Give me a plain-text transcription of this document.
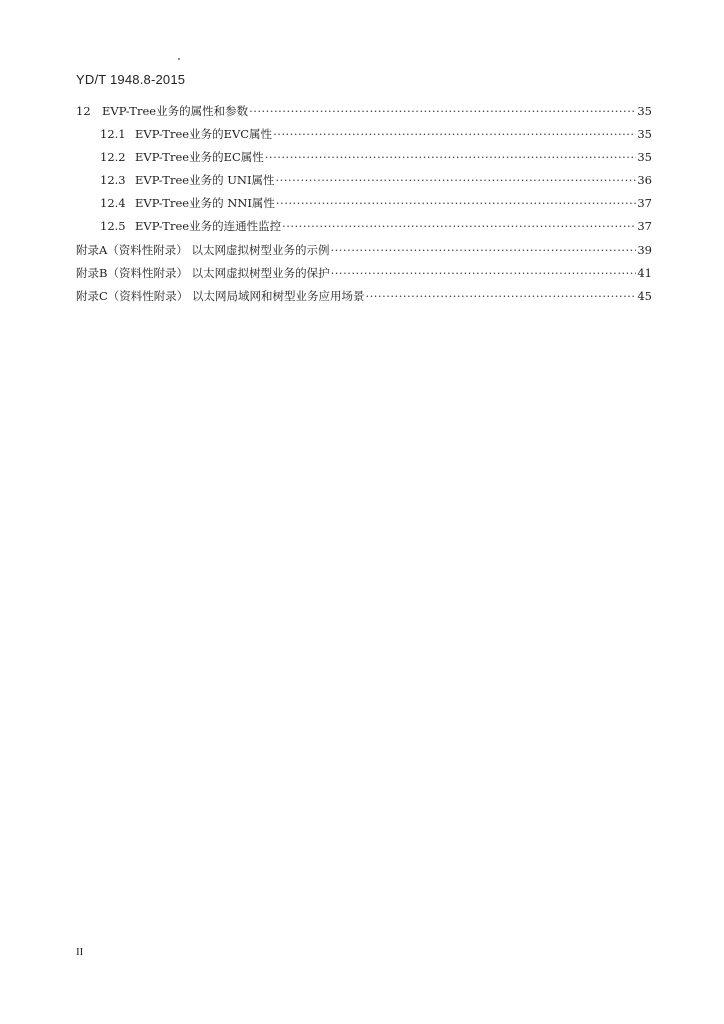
YD/T 1948.8-2015
12 EVP-Tree业务的属性和参数 ·····	35
12.1 EVP-Tree业务的EVC属性 ·····	35
12.2 EVP-Tree业务的EC属性 ·····	35
12.3 EVP-Tree业务的 UNI属性 ·····	36
12.4 EVP-Tree业务的 NNI属性 ·····	37
12.5 EVP-Tree业务的连通性监控 ·····	37
附录A（资料性附录） 以太网虚拟树型业务的示例 ·····	39
附录B（资料性附录） 以太网虚拟树型业务的保护 ·····	41
附录C（资料性附录） 以太网局域网和树型业务应用场景 ·····	45
II
